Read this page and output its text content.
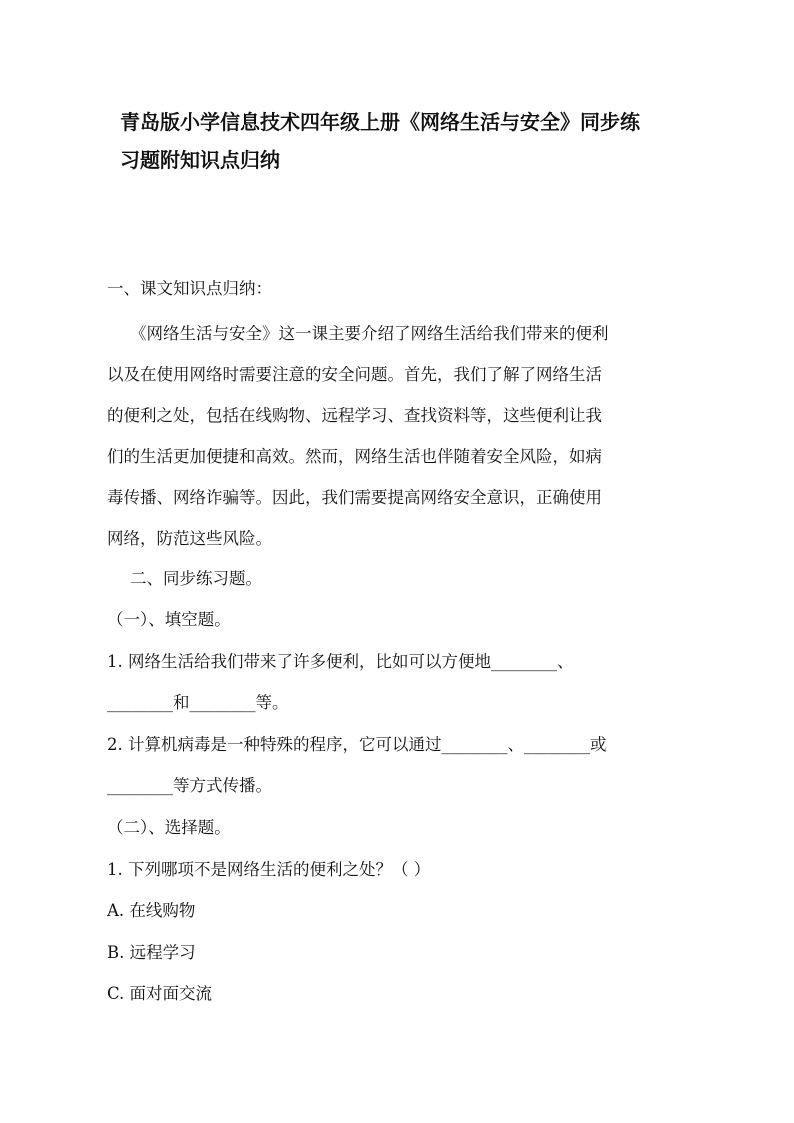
青岛版小学信息技术四年级上册《网络生活与安全》同步练
习题附知识点归纳

一、课文知识点归纳：

《网络生活与安全》这一课主要介绍了网络生活给我们带来的便利
以及在使用网络时需要注意的安全问题。首先，我们了解了网络生活
的便利之处，包括在线购物、远程学习、查找资料等，这些便利让我
们的生活更加便捷和高效。然而，网络生活也伴随着安全风险，如病
毒传播、网络诈骗等。因此，我们需要提高网络安全意识，正确使用
网络，防范这些风险。

二、同步练习题。

（一）、填空题。

1. 网络生活给我们带来了许多便利，比如可以方便地________、

________和________等。

2. 计算机病毒是一种特殊的程序，它可以通过________、________或

________等方式传播。

（二）、选择题。

1. 下列哪项不是网络生活的便利之处？（ ）

A. 在线购物

B. 远程学习

C. 面对面交流
